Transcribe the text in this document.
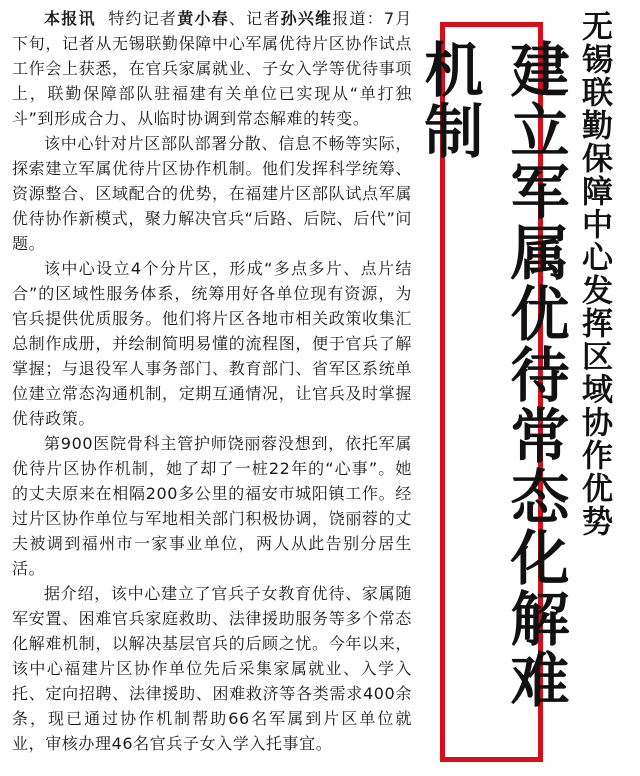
本报讯 特约记者黄小春、记者孙兴维报道：7月下旬，记者从无锡联勤保障中心军属优待片区协作试点工作会上获悉，在官兵家属就业、子女入学等优待事项上，联勤保障部队驻福建有关单位已实现从“单打独斗”到形成合力、从临时协调到常态解难的转变。

该中心针对片区部队部署分散、信息不畅等实际，探索建立军属优待片区协作机制。他们发挥科学统筹、资源整合、区域配合的优势，在福建片区部队试点军属优待协作新模式，聚力解决官兵“后路、后院、后代”问题。

该中心设立4个分片区，形成“多点多片、点片结合”的区域性服务体系，统筹用好各单位现有资源，为官兵提供优质服务。他们将片区各地市相关政策收集汇总制作成册，并绘制简明易懂的流程图，便于官兵了解掌握；与退役军人事务部门、教育部门、省军区系统单位建立常态沟通机制，定期互通情况，让官兵及时掌握优待政策。

第900医院骨科主管护师饶丽蓉没想到，依托军属优待片区协作机制，她了却了一桩22年的“心事”。她的丈夫原来在相隔200多公里的福安市城阳镇工作。经过片区协作单位与军地相关部门积极协调，饶丽蓉的丈夫被调到福州市一家事业单位，两人从此告别分居生活。

据介绍，该中心建立了官兵子女教育优待、家属随军安置、困难官兵家庭救助、法律援助服务等多个常态化解难机制，以解决基层官兵的后顾之忧。今年以来，该中心福建片区协作单位先后采集家属就业、入学入托、定向招聘、法律援助、困难救济等各类需求400余条，现已通过协作机制帮助66名军属到片区单位就业，审核办理46名官兵子女入学入托事宜。

建立军属优待常态化解难机制	无锡联勤保障中心发挥区域协作优势
